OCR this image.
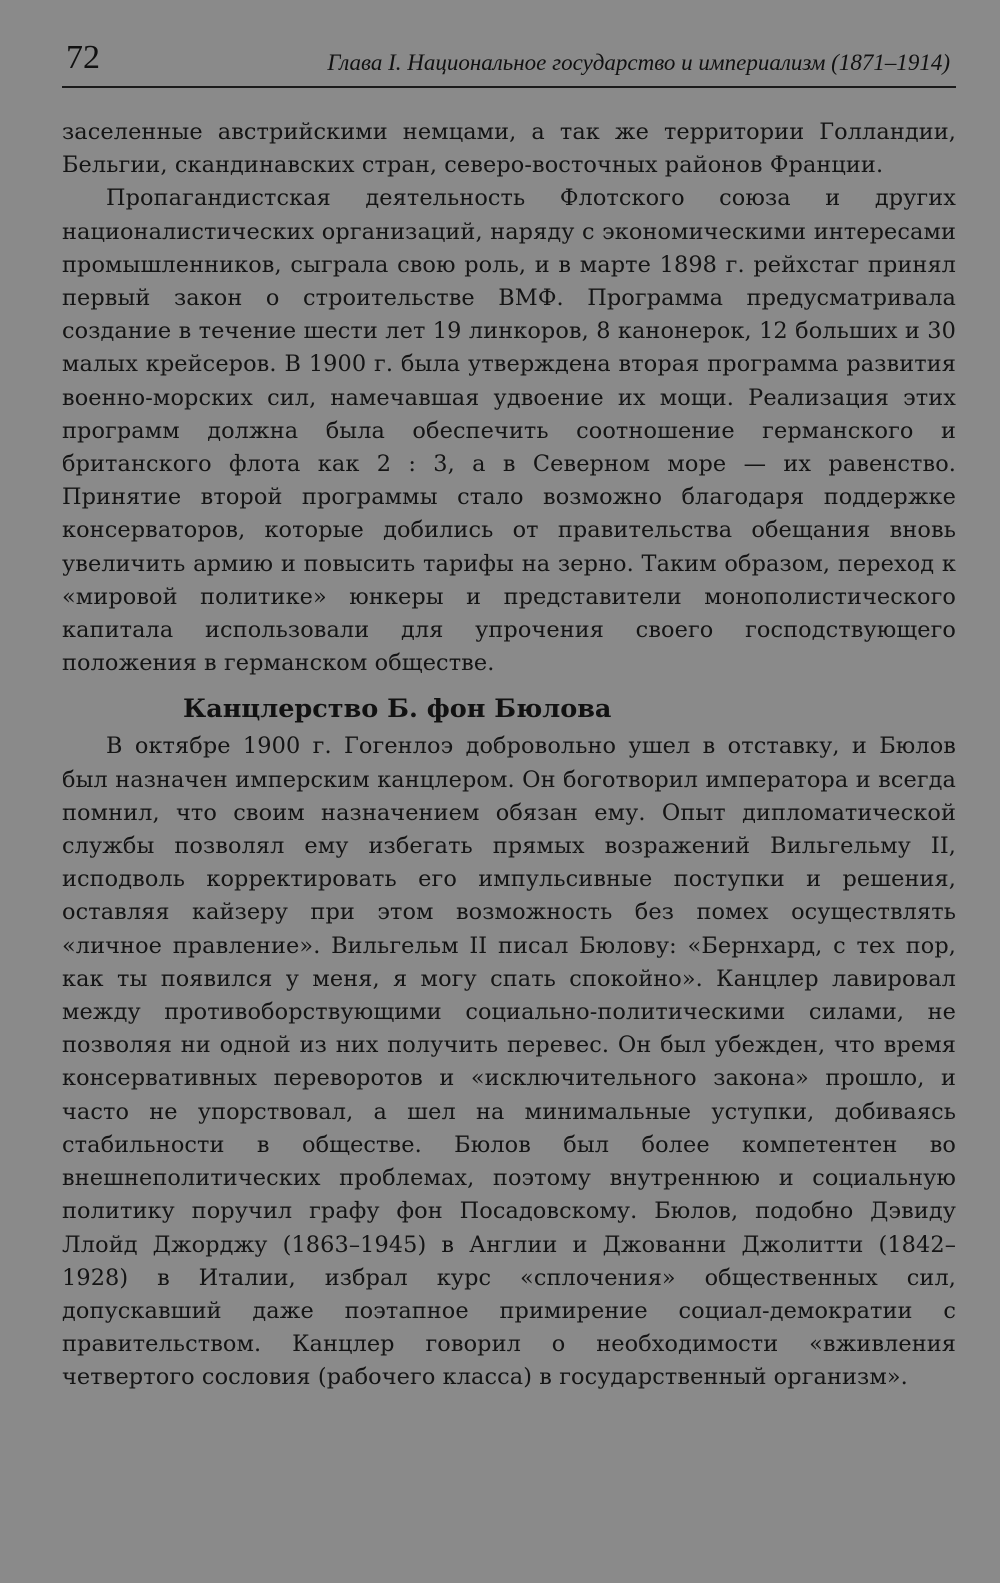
72	Глава I. Национальное государство и империализм (1871–1914)

заселенные австрийскими немцами, а так же территории Голландии, Бельгии, скандинавских стран, северо-восточных районов Франции.

Пропагандистская деятельность Флотского союза и других националистических организаций, наряду с экономическими интересами промышленников, сыграла свою роль, и в марте 1898 г. рейхстаг принял первый закон о строительстве ВМФ. Программа предусматривала создание в течение шести лет 19 линкоров, 8 канонерок, 12 больших и 30 малых крейсеров. В 1900 г. была утверждена вторая программа развития военно-морских сил, намечавшая удвоение их мощи. Реализация этих программ должна была обеспечить соотношение германского и британского флота как 2 : 3, а в Северном море — их равенство. Принятие второй программы стало возможно благодаря поддержке консерваторов, которые добились от правительства обещания вновь увеличить армию и повысить тарифы на зерно. Таким образом, переход к «мировой политике» юнкеры и представители монополистического капитала использовали для упрочения своего господствующего положения в германском обществе.

Канцлерство Б. фон Бюлова

В октябре 1900 г. Гогенлоэ добровольно ушел в отставку, и Бюлов был назначен имперским канцлером. Он боготворил императора и всегда помнил, что своим назначением обязан ему. Опыт дипломатической службы позволял ему избегать прямых возражений Вильгельму II, исподволь корректировать его импульсивные поступки и решения, оставляя кайзеру при этом возможность без помех осуществлять «личное правление». Вильгельм II писал Бюлову: «Бернхард, с тех пор, как ты появился у меня, я могу спать спокойно». Канцлер лавировал между противоборствующими социально-политическими силами, не позволяя ни одной из них получить перевес. Он был убежден, что время консервативных переворотов и «исключительного закона» прошло, и часто не упорствовал, а шел на минимальные уступки, добиваясь стабильности в обществе. Бюлов был более компетентен во внешнеполитических проблемах, поэтому внутреннюю и социальную политику поручил графу фон Посадовскому. Бюлов, подобно Дэвиду Ллойд Джорджу (1863–1945) в Англии и Джованни Джолитти (1842–1928) в Италии, избрал курс «сплочения» общественных сил, допускавший даже поэтапное примирение социал-демократии с правительством. Канцлер говорил о необходимости «вживления четвертого сословия (рабочего класса) в государственный организм».
